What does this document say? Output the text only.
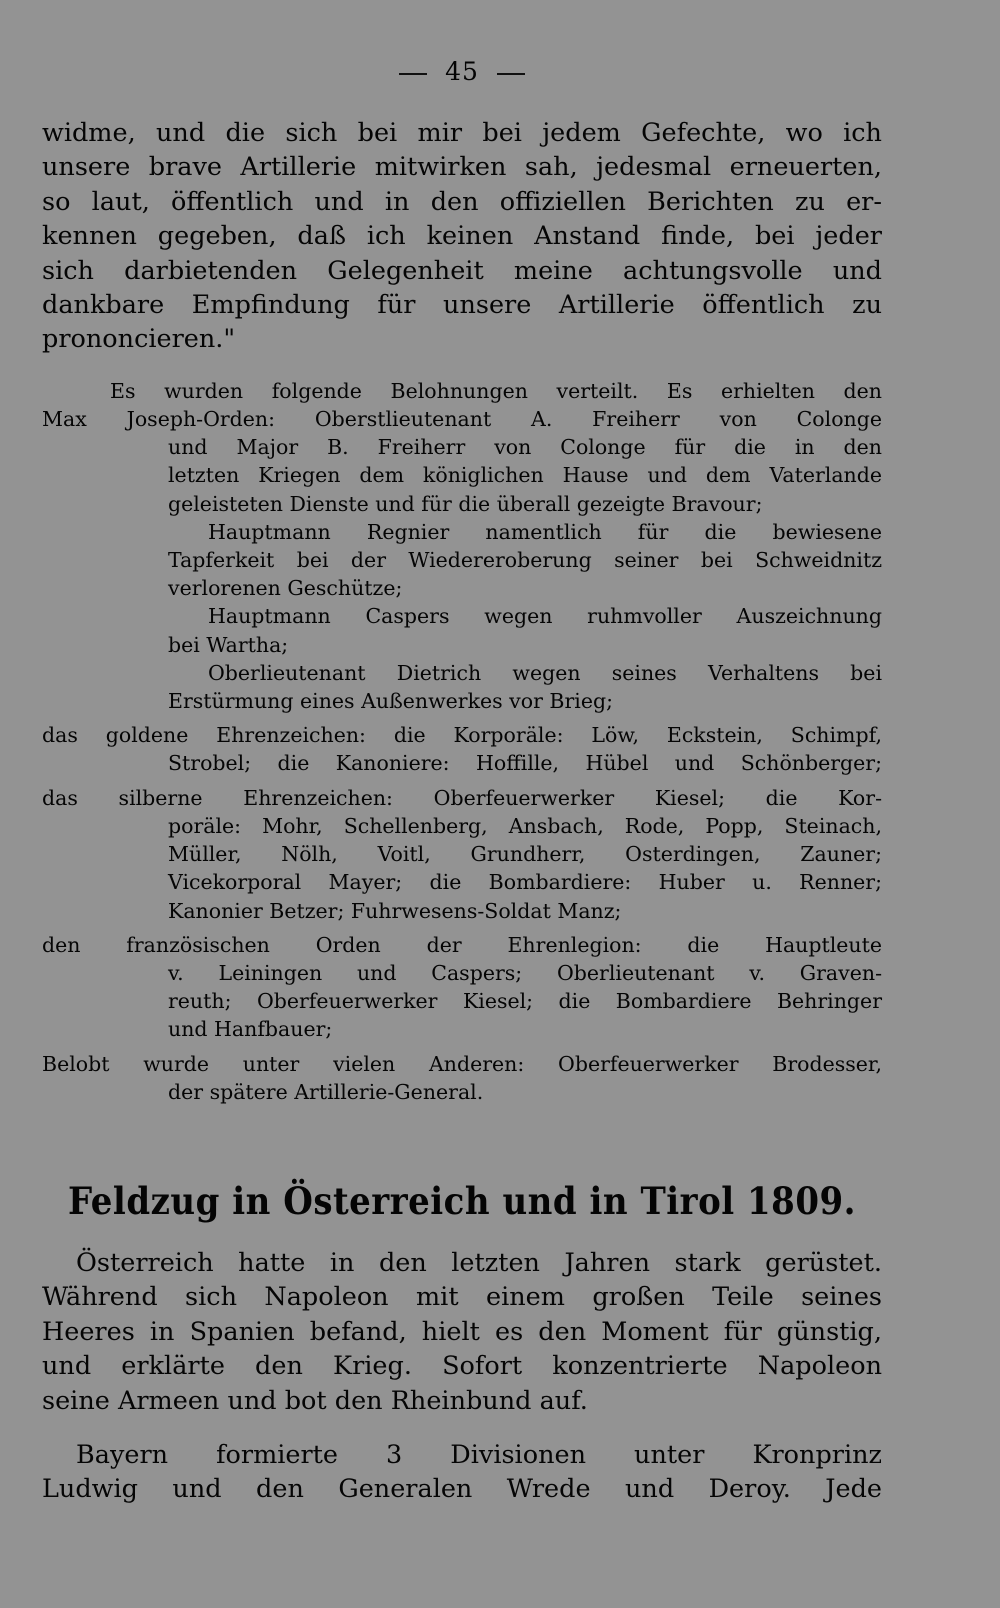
45
widme, und die sich bei mir bei jedem Gefechte, wo ich
unsere brave Artillerie mitwirken sah, jedesmal erneuerten,
so laut, öffentlich und in den offiziellen Berichten zu er-
kennen gegeben, daß ich keinen Anstand finde, bei jeder
sich darbietenden Gelegenheit meine achtungsvolle und
dankbare Empfindung für unsere Artillerie öffentlich zu
prononcieren."
Es wurden folgende Belohnungen verteilt. Es erhielten den
Max Joseph-Orden: Oberstlieutenant A. Freiherr von Colonge
und Major B. Freiherr von Colonge für die in den
letzten Kriegen dem königlichen Hause und dem Vaterlande
geleisteten Dienste und für die überall gezeigte Bravour;
Hauptmann Regnier namentlich für die bewiesene
Tapferkeit bei der Wiedereroberung seiner bei Schweidnitz
verlorenen Geschütze;
Hauptmann Caspers wegen ruhmvoller Auszeichnung
bei Wartha;
Oberlieutenant Dietrich wegen seines Verhaltens bei
Erstürmung eines Außenwerkes vor Brieg;
das goldene Ehrenzeichen: die Korporäle: Löw, Eckstein, Schimpf,
Strobel; die Kanoniere: Hoffille, Hübel und Schönberger;
das silberne Ehrenzeichen: Oberfeuerwerker Kiesel; die Kor-
poräle: Mohr, Schellenberg, Ansbach, Rode, Popp, Steinach,
Müller, Nölh, Voitl, Grundherr, Osterdingen, Zauner;
Vicekorporal Mayer; die Bombardiere: Huber u. Renner;
Kanonier Betzer; Fuhrwesens-Soldat Manz;
den französischen Orden der Ehrenlegion: die Hauptleute
v. Leiningen und Caspers; Oberlieutenant v. Graven-
reuth; Oberfeuerwerker Kiesel; die Bombardiere Behringer
und Hanfbauer;
Belobt wurde unter vielen Anderen: Oberfeuerwerker Brodesser,
der spätere Artillerie-General.
Feldzug in Österreich und in Tirol 1809.
Österreich hatte in den letzten Jahren stark gerüstet.
Während sich Napoleon mit einem großen Teile seines
Heeres in Spanien befand, hielt es den Moment für günstig,
und erklärte den Krieg. Sofort konzentrierte Napoleon
seine Armeen und bot den Rheinbund auf.
Bayern formierte 3 Divisionen unter Kronprinz
Ludwig und den Generalen Wrede und Deroy. Jede
